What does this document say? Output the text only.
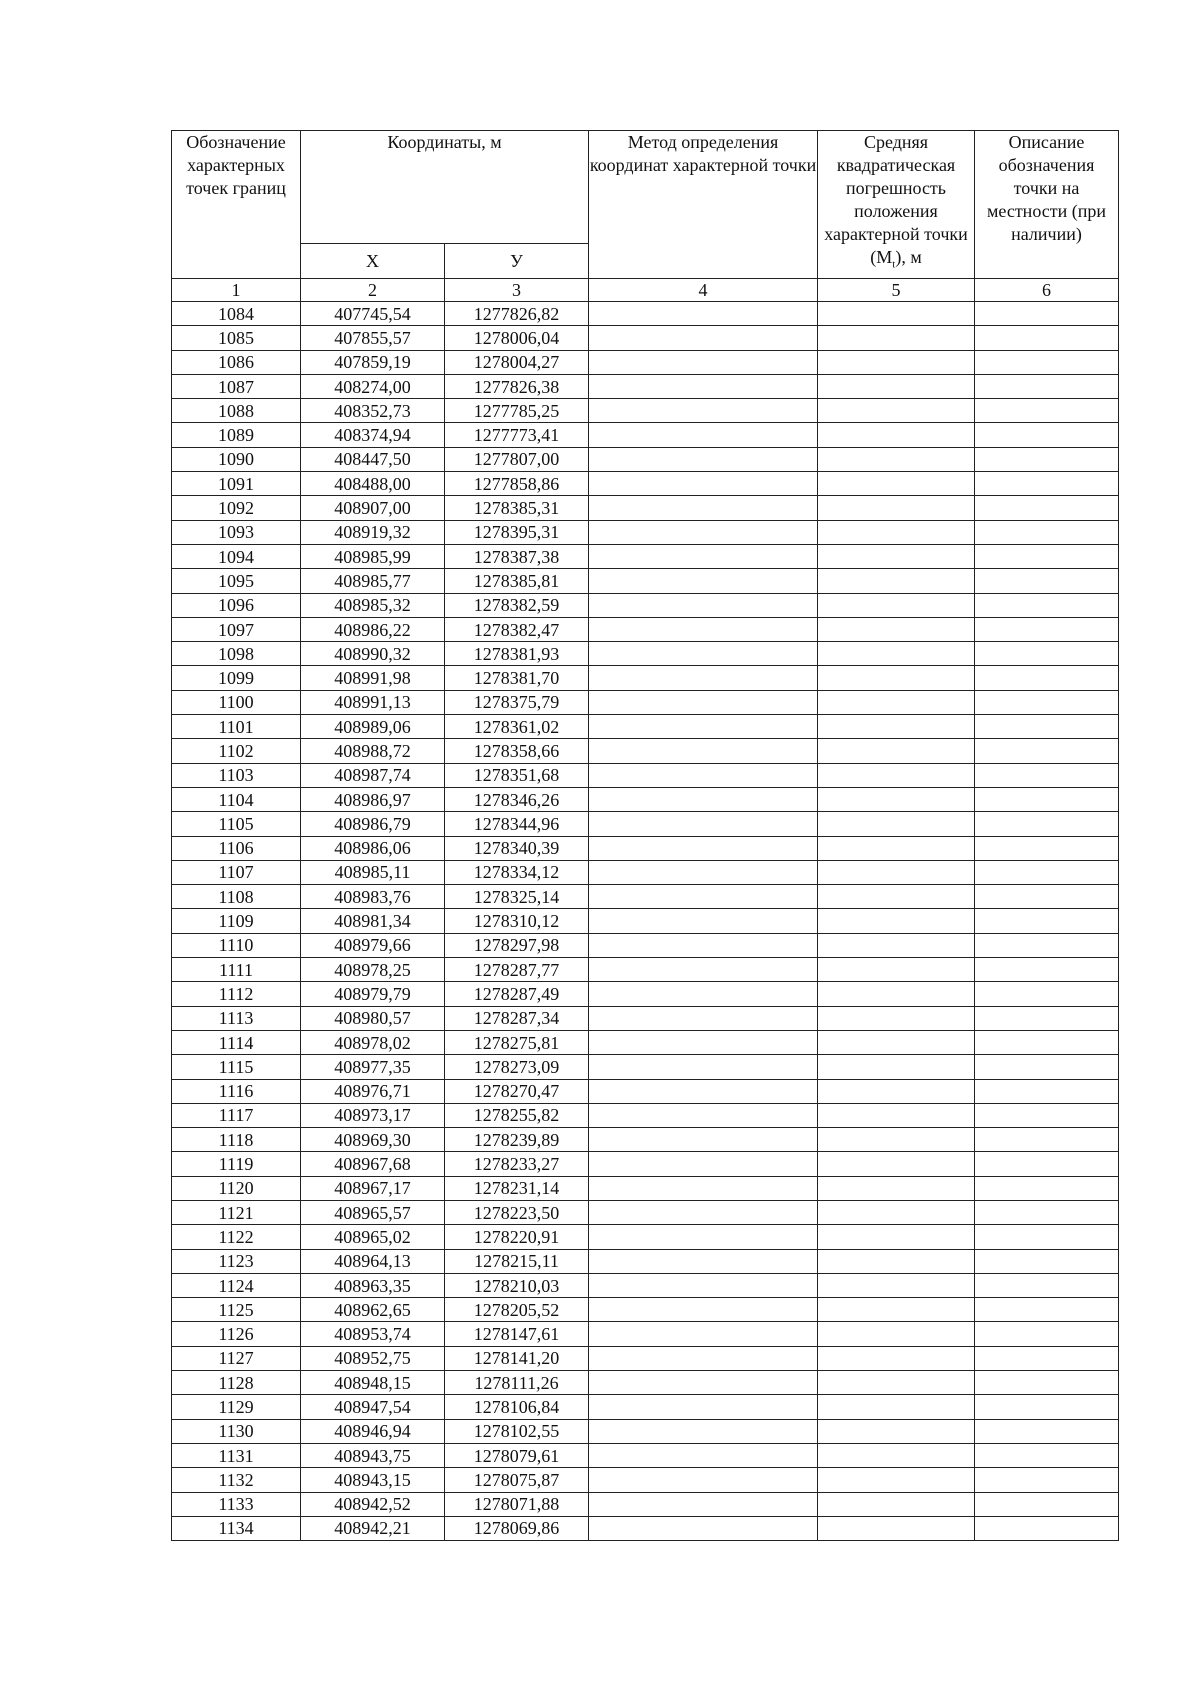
Обозначение характерных точек границ	Координаты, м		Метод определения координат характерной точки	Средняя квадратическая погрешность положения характерной точки $(М_t)$, м	Описание обозначения точки на местности (при наличии)
	Х	У			
1	2	3	4	5	6
1084	407745,54	1277826,82			
1085	407855,57	1278006,04			
1086	407859,19	1278004,27			
1087	408274,00	1277826,38			
1088	408352,73	1277785,25			
1089	408374,94	1277773,41			
1090	408447,50	1277807,00			
1091	408488,00	1277858,86			
1092	408907,00	1278385,31			
1093	408919,32	1278395,31			
1094	408985,99	1278387,38			
1095	408985,77	1278385,81			
1096	408985,32	1278382,59			
1097	408986,22	1278382,47			
1098	408990,32	1278381,93			
1099	408991,98	1278381,70			
1100	408991,13	1278375,79			
1101	408989,06	1278361,02			
1102	408988,72	1278358,66			
1103	408987,74	1278351,68			
1104	408986,97	1278346,26			
1105	408986,79	1278344,96			
1106	408986,06	1278340,39			
1107	408985,11	1278334,12			
1108	408983,76	1278325,14			
1109	408981,34	1278310,12			
1110	408979,66	1278297,98			
1111	408978,25	1278287,77			
1112	408979,79	1278287,49			
1113	408980,57	1278287,34			
1114	408978,02	1278275,81			
1115	408977,35	1278273,09			
1116	408976,71	1278270,47			
1117	408973,17	1278255,82			
1118	408969,30	1278239,89			
1119	408967,68	1278233,27			
1120	408967,17	1278231,14			
1121	408965,57	1278223,50			
1122	408965,02	1278220,91			
1123	408964,13	1278215,11			
1124	408963,35	1278210,03			
1125	408962,65	1278205,52			
1126	408953,74	1278147,61			
1127	408952,75	1278141,20			
1128	408948,15	1278111,26			
1129	408947,54	1278106,84			
1130	408946,94	1278102,55			
1131	408943,75	1278079,61			
1132	408943,15	1278075,87			
1133	408942,52	1278071,88			
1134	408942,21	1278069,86			
